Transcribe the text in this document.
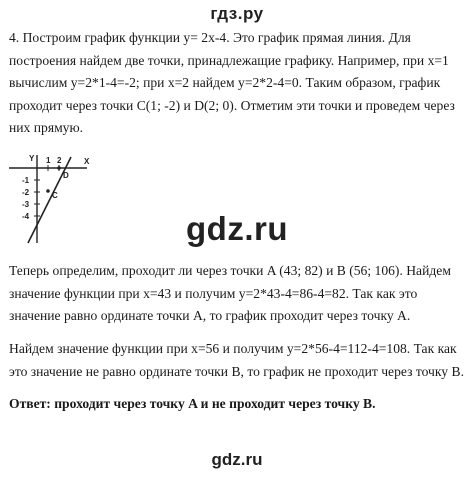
гдз.ру
4. Построим график функции y= 2x-4. Это график прямая линия. Для построения найдем две точки, принадлежащие графику. Например, при x=1 вычислим y=2*1-4=-2; при x=2 найдем y=2*2-4=0. Таким образом, график проходит через точки C(1; -2) и D(2; 0). Отметим эти точки и проведем через них прямую.
Y	X
1 2
-1
-2
-3
-4
C
D
gdz.ru
Теперь определим, проходит ли через точки A (43; 82) и B (56; 106). Найдем значение функции при x=43 и получим y=2*43-4=86-4=82. Так как это значение равно ординате точки A, то график проходит через точку A.
Найдем значение функции при x=56 и получим y=2*56-4=112-4=108. Так как это значение не равно ординате точки B, то график не проходит через точку B.
Ответ: проходит через точку A и не проходит через точку B.
gdz.ru
